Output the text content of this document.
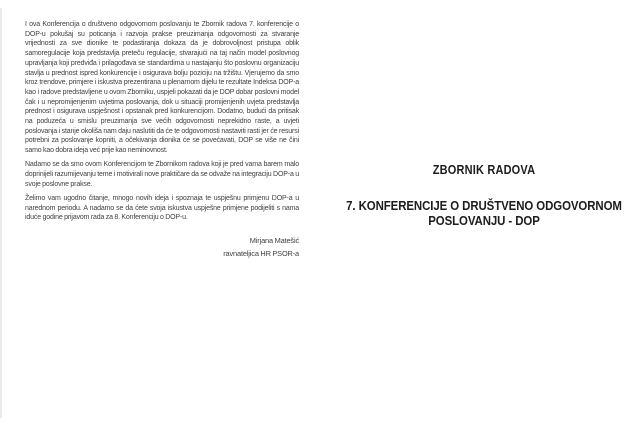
I ova Konferencija o društveno odgovornom poslovanju te Zbornik radova 7. konferencije o DOP-u pokušaj su poticanja i razvoja prakse preuzimanja odgovornosti za stvaranje vrijednosti za sve dionike te podastiranja dokaza da je dobrovoljnost pristupa oblik samoregulacije koja predstavlja preteču regulacije, stvarajući na taj način model poslovnog upravljanja koji predviđa i prilagođava se standardima u nastajanju što poslovnu organizaciju stavlja u prednost ispred konkurencije i osigurava bolju poziciju na tržištu. Vjerujemo da smo kroz trendove, primjere i iskustva prezentirana u plenarnom dijelu te rezultate Indeksa DOP-a kao i radove predstavljene u ovom Zborniku, uspjeli pokazati da je DOP dobar poslovni model čak i u nepromijenjenim uvjetima poslovanja, dok u situaciji promijenjenih uvjeta predstavlja prednost i osigurava uspješnost i opstanak pred konkurencijom. Dodatno, budući da pritisak na poduzeća u smislu preuzimanja sve većih odgovornosti neprekidno raste, a uvjeti poslovanja i stanje okoliša nam daju naslutiti da će te odgovornosti nastaviti rasti jer će resursi potrebni za poslovanje kopniti, a očekivanja dionika će se povećavati, DOP se više ne čini samo kao dobra ideja već prije kao neminovnost.

Nadamo se da smo ovom Konferencijom te Zbornikom radova koji je pred vama barem malo doprinijeli razumijevanju teme i motivirali nove praktičare da se odvaže na integraciju DOP-a u svoje poslovne prakse.

Želimo vam ugodno čitanje, mnogo novih ideja i spoznaja te uspješnu primjenu DOP-a u narednom periodu. A nadamo se da ćete svoja iskustva uspješne primjene podijeliti s nama iduće godine prijavom rada za 8. Konferenciju o DOP-u.

Mirjana Matešić
ravnateljica HR PSOR-a
ZBORNIK RADOVA
7. KONFERENCIJE O DRUŠTVENO ODGOVORNOM
POSLOVANJU - DOP
